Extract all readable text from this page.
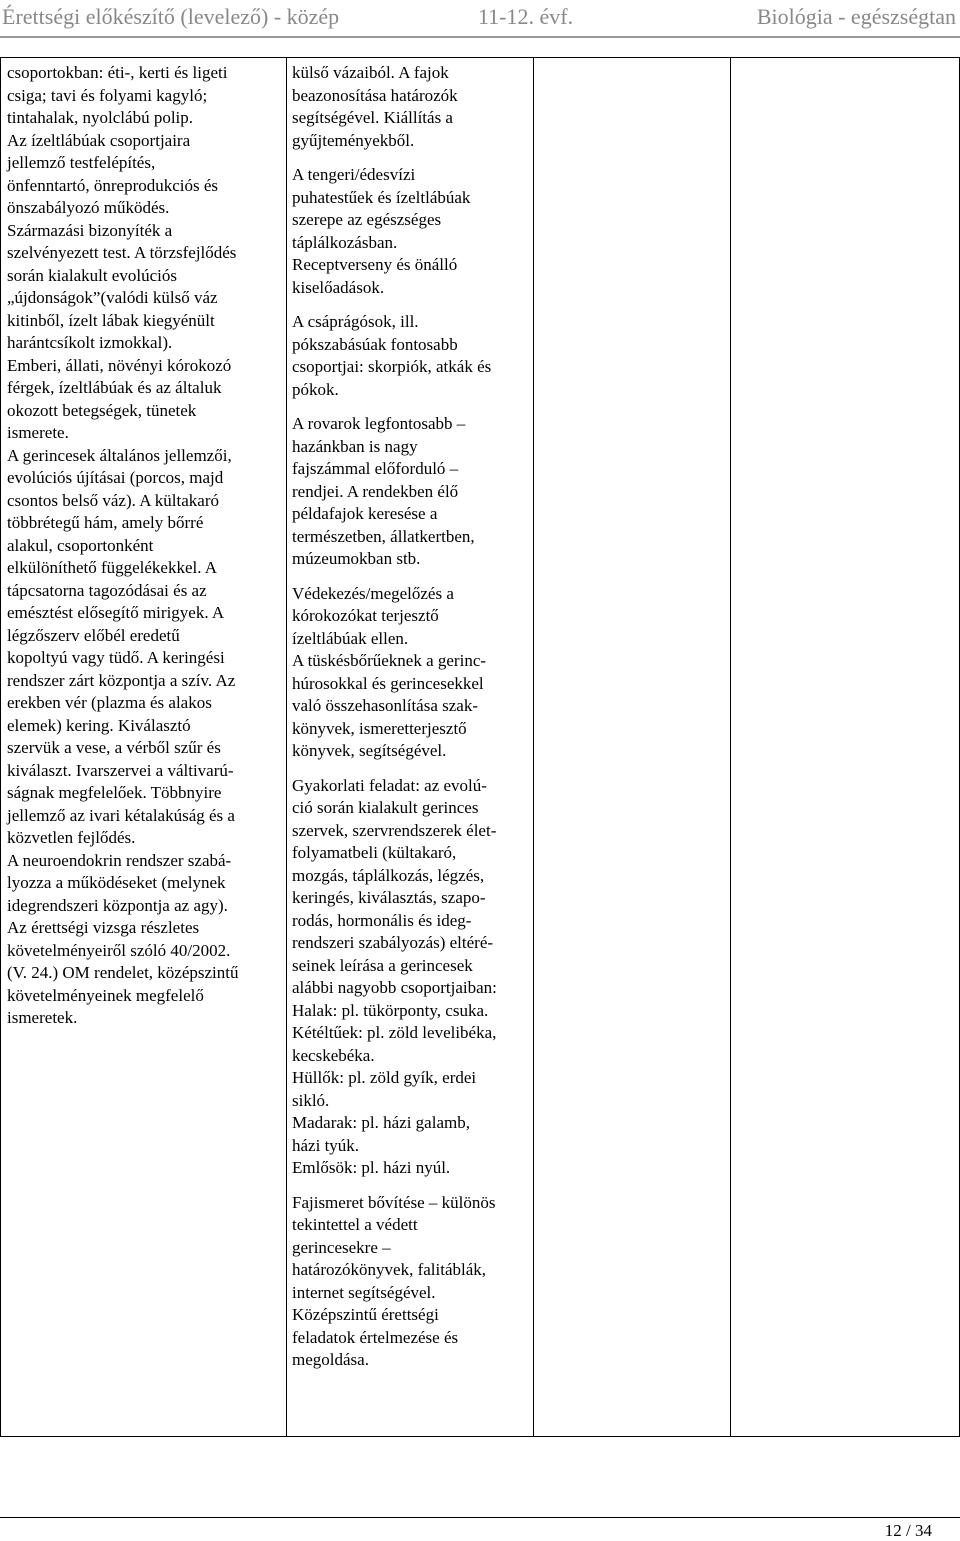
Érettségi előkészítő (levelező) - közép	11-12. évf.	Biológia - egészségtan
csoportokban: éti-, kerti és ligeti
csiga; tavi és folyami kagyló;
tintahalak, nyolclábú polip.
Az ízeltlábúak csoportjaira
jellemző testfelépítés,
önfenntartó, önreprodukciós és
önszabályozó működés.
Származási bizonyíték a
szelvényezett test. A törzsfejlődés
során kialakult evolúciós
„újdonságok”(valódi külső váz
kitinből, ízelt lábak kiegyénült
harántcsíkolt izmokkal).
Emberi, állati, növényi kórokozó
férgek, ízeltlábúak és az általuk
okozott betegségek, tünetek
ismerete.
A gerincesek általános jellemzői,
evolúciós újításai (porcos, majd
csontos belső váz). A kültakaró
többrétegű hám, amely bőrré
alakul, csoportonként
elkülöníthető függelékekkel. A
tápcsatorna tagozódásai és az
emésztést elősegítő mirigyek. A
légzőszerv előbél eredetű
kopoltyú vagy tüdő. A keringési
rendszer zárt központja a szív. Az
erekben vér (plazma és alakos
elemek) kering. Kiválasztó
szervük a vese, a vérből szűr és
kiválaszt. Ivarszervei a váltivarú-
ságnak megfelelőek. Többnyire
jellemző az ivari kétalakúság és a
közvetlen fejlődés.
A neuroendokrin rendszer szabá-
lyozza a működéseket (melynek
idegrendszeri központja az agy).
Az érettségi vizsga részletes
követelményeiről szóló 40/2002.
(V. 24.) OM rendelet, középszintű
követelményeinek megfelelő
ismeretek.

külső vázaiból. A fajok
beazonosítása határozók
segítségével. Kiállítás a
gyűjteményekből.
A tengeri/édesvízi
puhatestűek és ízeltlábúak
szerepe az egészséges
táplálkozásban.
Receptverseny és önálló
kiselőadások.
A csáprágósok, ill.
pókszabásúak fontosabb
csoportjai: skorpiók, atkák és
pókok.
A rovarok legfontosabb –
hazánkban is nagy
fajszámmal előforduló –
rendjei. A rendekben élő
példafajok keresése a
természetben, állatkertben,
múzeumokban stb.
Védekezés/megelőzés a
kórokozókat terjesztő
ízeltlábúak ellen.
A tüskésbőrűeknek a gerinc-
húrosokkal és gerincesekkel
való összehasonlítása szak-
könyvek, ismeretterjesztő
könyvek, segítségével.
Gyakorlati feladat: az evolú-
ció során kialakult gerinces
szervek, szervrendszerek élet-
folyamatbeli (kültakaró,
mozgás, táplálkozás, légzés,
keringés, kiválasztás, szapo-
rodás, hormonális és ideg-
rendszeri szabályozás) eltéré-
seinek leírása a gerincesek
alábbi nagyobb csoportjaiban:
Halak: pl. tükörponty, csuka.
Kétéltűek: pl. zöld levelibéka,
kecskebéka.
Hüllők: pl. zöld gyík, erdei
sikló.
Madarak: pl. házi galamb,
házi tyúk.
Emlősök: pl. házi nyúl.
Fajismeret bővítése – különös
tekintettel a védett
gerincesekre –
határozókönyvek, falitáblák,
internet segítségével.
Középszintű érettségi
feladatok értelmezése és
megoldása.

12 / 34
